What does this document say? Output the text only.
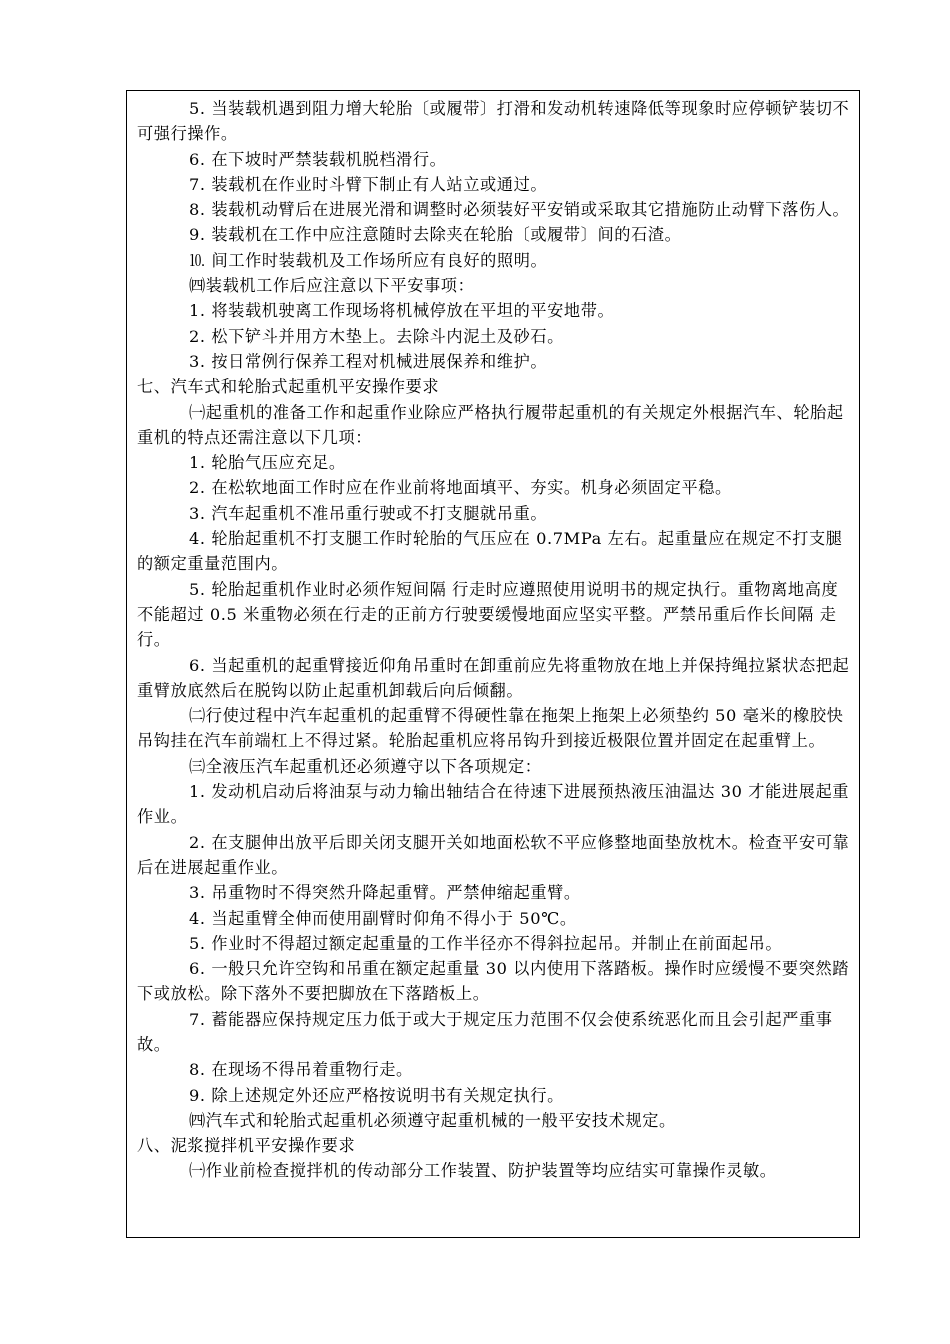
5. 当装载机遇到阻力增大轮胎〔或履带〕打滑和发动机转速降低等现象时应停顿铲装切不可强行操作。

6. 在下坡时严禁装载机脱档滑行。

7. 装载机在作业时斗臂下制止有人站立或通过。

8. 装载机动臂后在进展光滑和调整时必须装好平安销或采取其它措施防止动臂下落伤人。

9. 装载机在工作中应注意随时去除夹在轮胎〔或履带〕间的石渣。

⒑ 间工作时装载机及工作场所应有良好的照明。

㈣装载机工作后应注意以下平安事项：

1. 将装载机驶离工作现场将机械停放在平坦的平安地带。

2. 松下铲斗并用方木垫上。去除斗内泥土及砂石。

3. 按日常例行保养工程对机械进展保养和维护。

七、汽车式和轮胎式起重机平安操作要求

㈠起重机的准备工作和起重作业除应严格执行履带起重机的有关规定外根据汽车、轮胎起重机的特点还需注意以下几项：

1. 轮胎气压应充足。

2. 在松软地面工作时应在作业前将地面填平、夯实。机身必须固定平稳。

3. 汽车起重机不准吊重行驶或不打支腿就吊重。

4. 轮胎起重机不打支腿工作时轮胎的气压应在 0.7MPa 左右。起重量应在规定不打支腿的额定重量范围内。

5. 轮胎起重机作业时必须作短间隔 行走时应遵照使用说明书的规定执行。重物离地高度不能超过 0.5 米重物必须在行走的正前方行驶要缓慢地面应坚实平整。严禁吊重后作长间隔 走行。

6. 当起重机的起重臂接近仰角吊重时在卸重前应先将重物放在地上并保持绳拉紧状态把起重臂放底然后在脱钩以防止起重机卸载后向后倾翻。

㈡行使过程中汽车起重机的起重臂不得硬性靠在拖架上拖架上必须垫约 50 毫米的橡胶快吊钩挂在汽车前端杠上不得过紧。轮胎起重机应将吊钩升到接近极限位置并固定在起重臂上。

㈢全液压汽车起重机还必须遵守以下各项规定：

1. 发动机启动后将油泵与动力输出轴结合在待速下进展预热液压油温达 30 才能进展起重作业。

2. 在支腿伸出放平后即关闭支腿开关如地面松软不平应修整地面垫放枕木。检查平安可靠后在进展起重作业。

3. 吊重物时不得突然升降起重臂。严禁伸缩起重臂。

4. 当起重臂全伸而使用副臂时仰角不得小于 50℃。

5. 作业时不得超过额定起重量的工作半径亦不得斜拉起吊。并制止在前面起吊。

6. 一般只允许空钩和吊重在额定起重量 30 以内使用下落踏板。操作时应缓慢不要突然踏下或放松。除下落外不要把脚放在下落踏板上。

7. 蓄能器应保持规定压力低于或大于规定压力范围不仅会使系统恶化而且会引起严重事故。

8. 在现场不得吊着重物行走。

9. 除上述规定外还应严格按说明书有关规定执行。

㈣汽车式和轮胎式起重机必须遵守起重机械的一般平安技术规定。

八、泥浆搅拌机平安操作要求

㈠作业前检查搅拌机的传动部分工作装置、防护装置等均应结实可靠操作灵敏。
